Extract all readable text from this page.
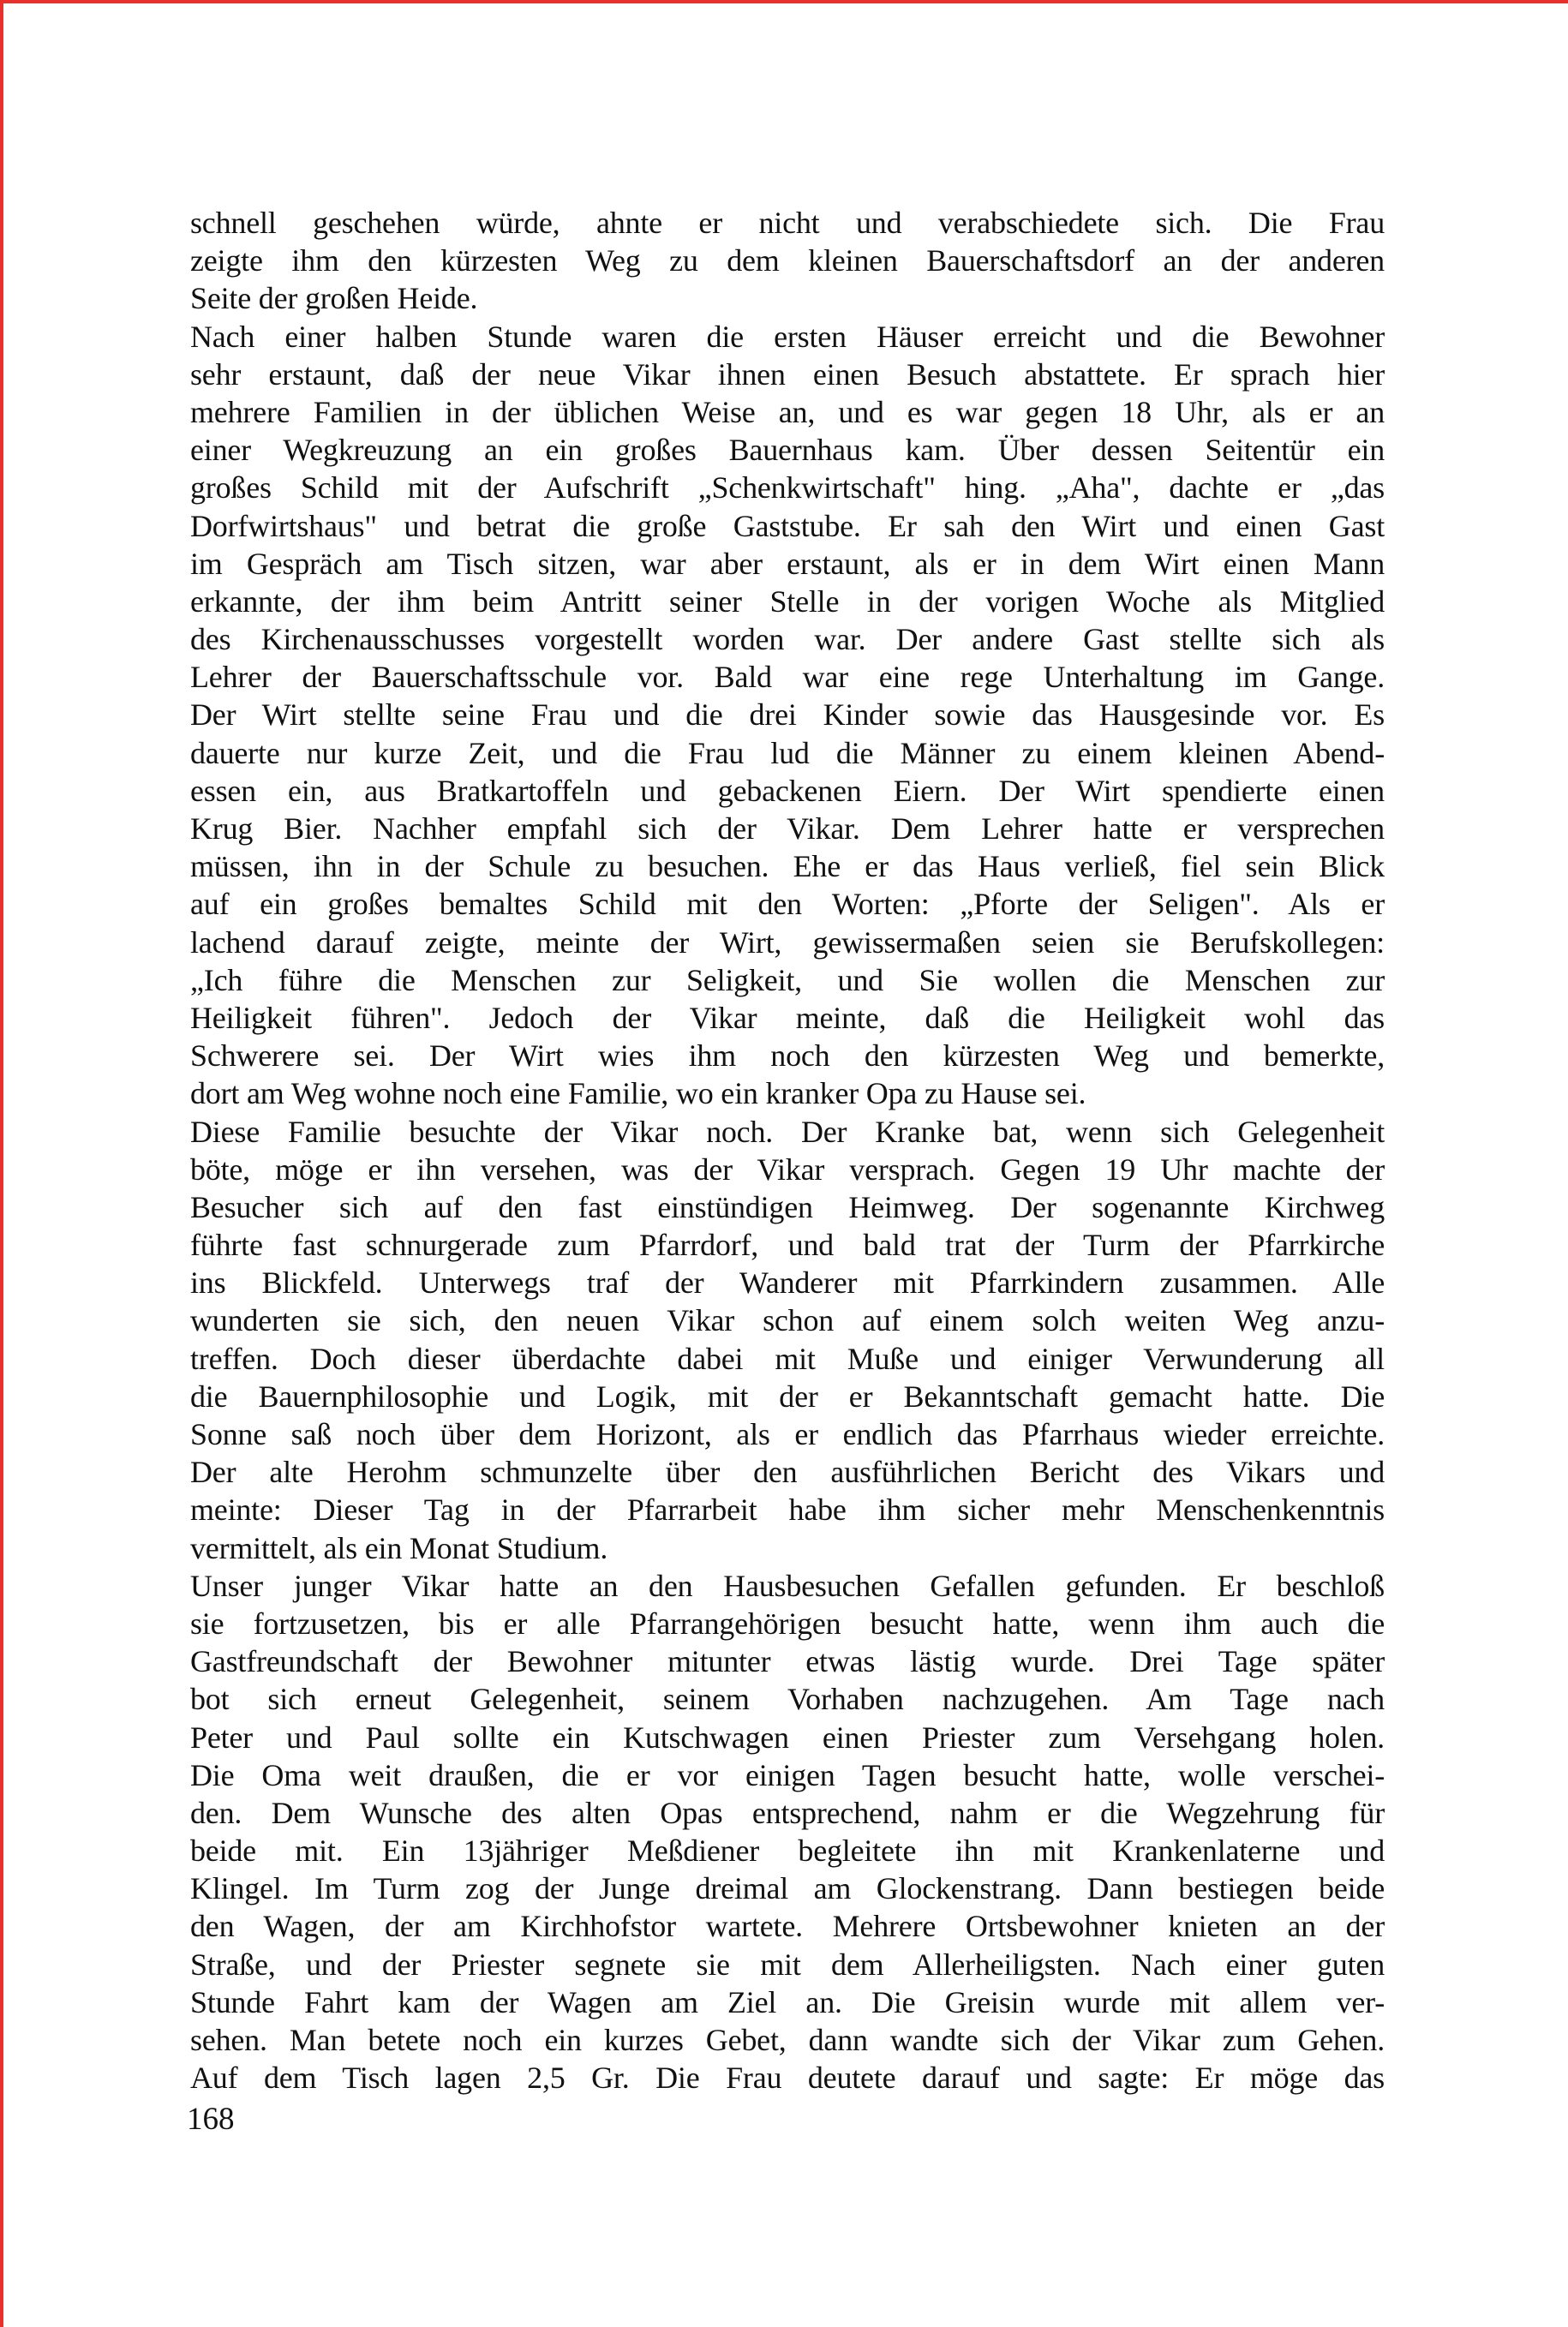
schnell geschehen würde, ahnte er nicht und verabschiedete sich. Die Frau
zeigte ihm den kürzesten Weg zu dem kleinen Bauerschaftsdorf an der anderen
Seite der großen Heide.
Nach einer halben Stunde waren die ersten Häuser erreicht und die Bewohner
sehr erstaunt, daß der neue Vikar ihnen einen Besuch abstattete. Er sprach hier
mehrere Familien in der üblichen Weise an, und es war gegen 18 Uhr, als er an
einer Wegkreuzung an ein großes Bauernhaus kam. Über dessen Seitentür ein
großes Schild mit der Aufschrift „Schenkwirtschaft" hing. „Aha", dachte er „das
Dorfwirtshaus" und betrat die große Gaststube. Er sah den Wirt und einen Gast
im Gespräch am Tisch sitzen, war aber erstaunt, als er in dem Wirt einen Mann
erkannte, der ihm beim Antritt seiner Stelle in der vorigen Woche als Mitglied
des Kirchenausschusses vorgestellt worden war. Der andere Gast stellte sich als
Lehrer der Bauerschaftsschule vor. Bald war eine rege Unterhaltung im Gange.
Der Wirt stellte seine Frau und die drei Kinder sowie das Hausgesinde vor. Es
dauerte nur kurze Zeit, und die Frau lud die Männer zu einem kleinen Abend-
essen ein, aus Bratkartoffeln und gebackenen Eiern. Der Wirt spendierte einen
Krug Bier. Nachher empfahl sich der Vikar. Dem Lehrer hatte er versprechen
müssen, ihn in der Schule zu besuchen. Ehe er das Haus verließ, fiel sein Blick
auf ein großes bemaltes Schild mit den Worten: „Pforte der Seligen". Als er
lachend darauf zeigte, meinte der Wirt, gewissermaßen seien sie Berufskollegen:
„Ich führe die Menschen zur Seligkeit, und Sie wollen die Menschen zur
Heiligkeit führen". Jedoch der Vikar meinte, daß die Heiligkeit wohl das
Schwerere sei. Der Wirt wies ihm noch den kürzesten Weg und bemerkte,
dort am Weg wohne noch eine Familie, wo ein kranker Opa zu Hause sei.
Diese Familie besuchte der Vikar noch. Der Kranke bat, wenn sich Gelegenheit
böte, möge er ihn versehen, was der Vikar versprach. Gegen 19 Uhr machte der
Besucher sich auf den fast einstündigen Heimweg. Der sogenannte Kirchweg
führte fast schnurgerade zum Pfarrdorf, und bald trat der Turm der Pfarrkirche
ins Blickfeld. Unterwegs traf der Wanderer mit Pfarrkindern zusammen. Alle
wunderten sie sich, den neuen Vikar schon auf einem solch weiten Weg anzu-
treffen. Doch dieser überdachte dabei mit Muße und einiger Verwunderung all
die Bauernphilosophie und Logik, mit der er Bekanntschaft gemacht hatte. Die
Sonne saß noch über dem Horizont, als er endlich das Pfarrhaus wieder erreichte.
Der alte Herohm schmunzelte über den ausführlichen Bericht des Vikars und
meinte: Dieser Tag in der Pfarrarbeit habe ihm sicher mehr Menschenkenntnis
vermittelt, als ein Monat Studium.
Unser junger Vikar hatte an den Hausbesuchen Gefallen gefunden. Er beschloß
sie fortzusetzen, bis er alle Pfarrangehörigen besucht hatte, wenn ihm auch die
Gastfreundschaft der Bewohner mitunter etwas lästig wurde. Drei Tage später
bot sich erneut Gelegenheit, seinem Vorhaben nachzugehen. Am Tage nach
Peter und Paul sollte ein Kutschwagen einen Priester zum Versehgang holen.
Die Oma weit draußen, die er vor einigen Tagen besucht hatte, wolle verschei-
den. Dem Wunsche des alten Opas entsprechend, nahm er die Wegzehrung für
beide mit. Ein 13jähriger Meßdiener begleitete ihn mit Krankenlaterne und
Klingel. Im Turm zog der Junge dreimal am Glockenstrang. Dann bestiegen beide
den Wagen, der am Kirchhofstor wartete. Mehrere Ortsbewohner knieten an der
Straße, und der Priester segnete sie mit dem Allerheiligsten. Nach einer guten
Stunde Fahrt kam der Wagen am Ziel an. Die Greisin wurde mit allem ver-
sehen. Man betete noch ein kurzes Gebet, dann wandte sich der Vikar zum Gehen.
Auf dem Tisch lagen 2,5 Gr. Die Frau deutete darauf und sagte: Er möge das
168
